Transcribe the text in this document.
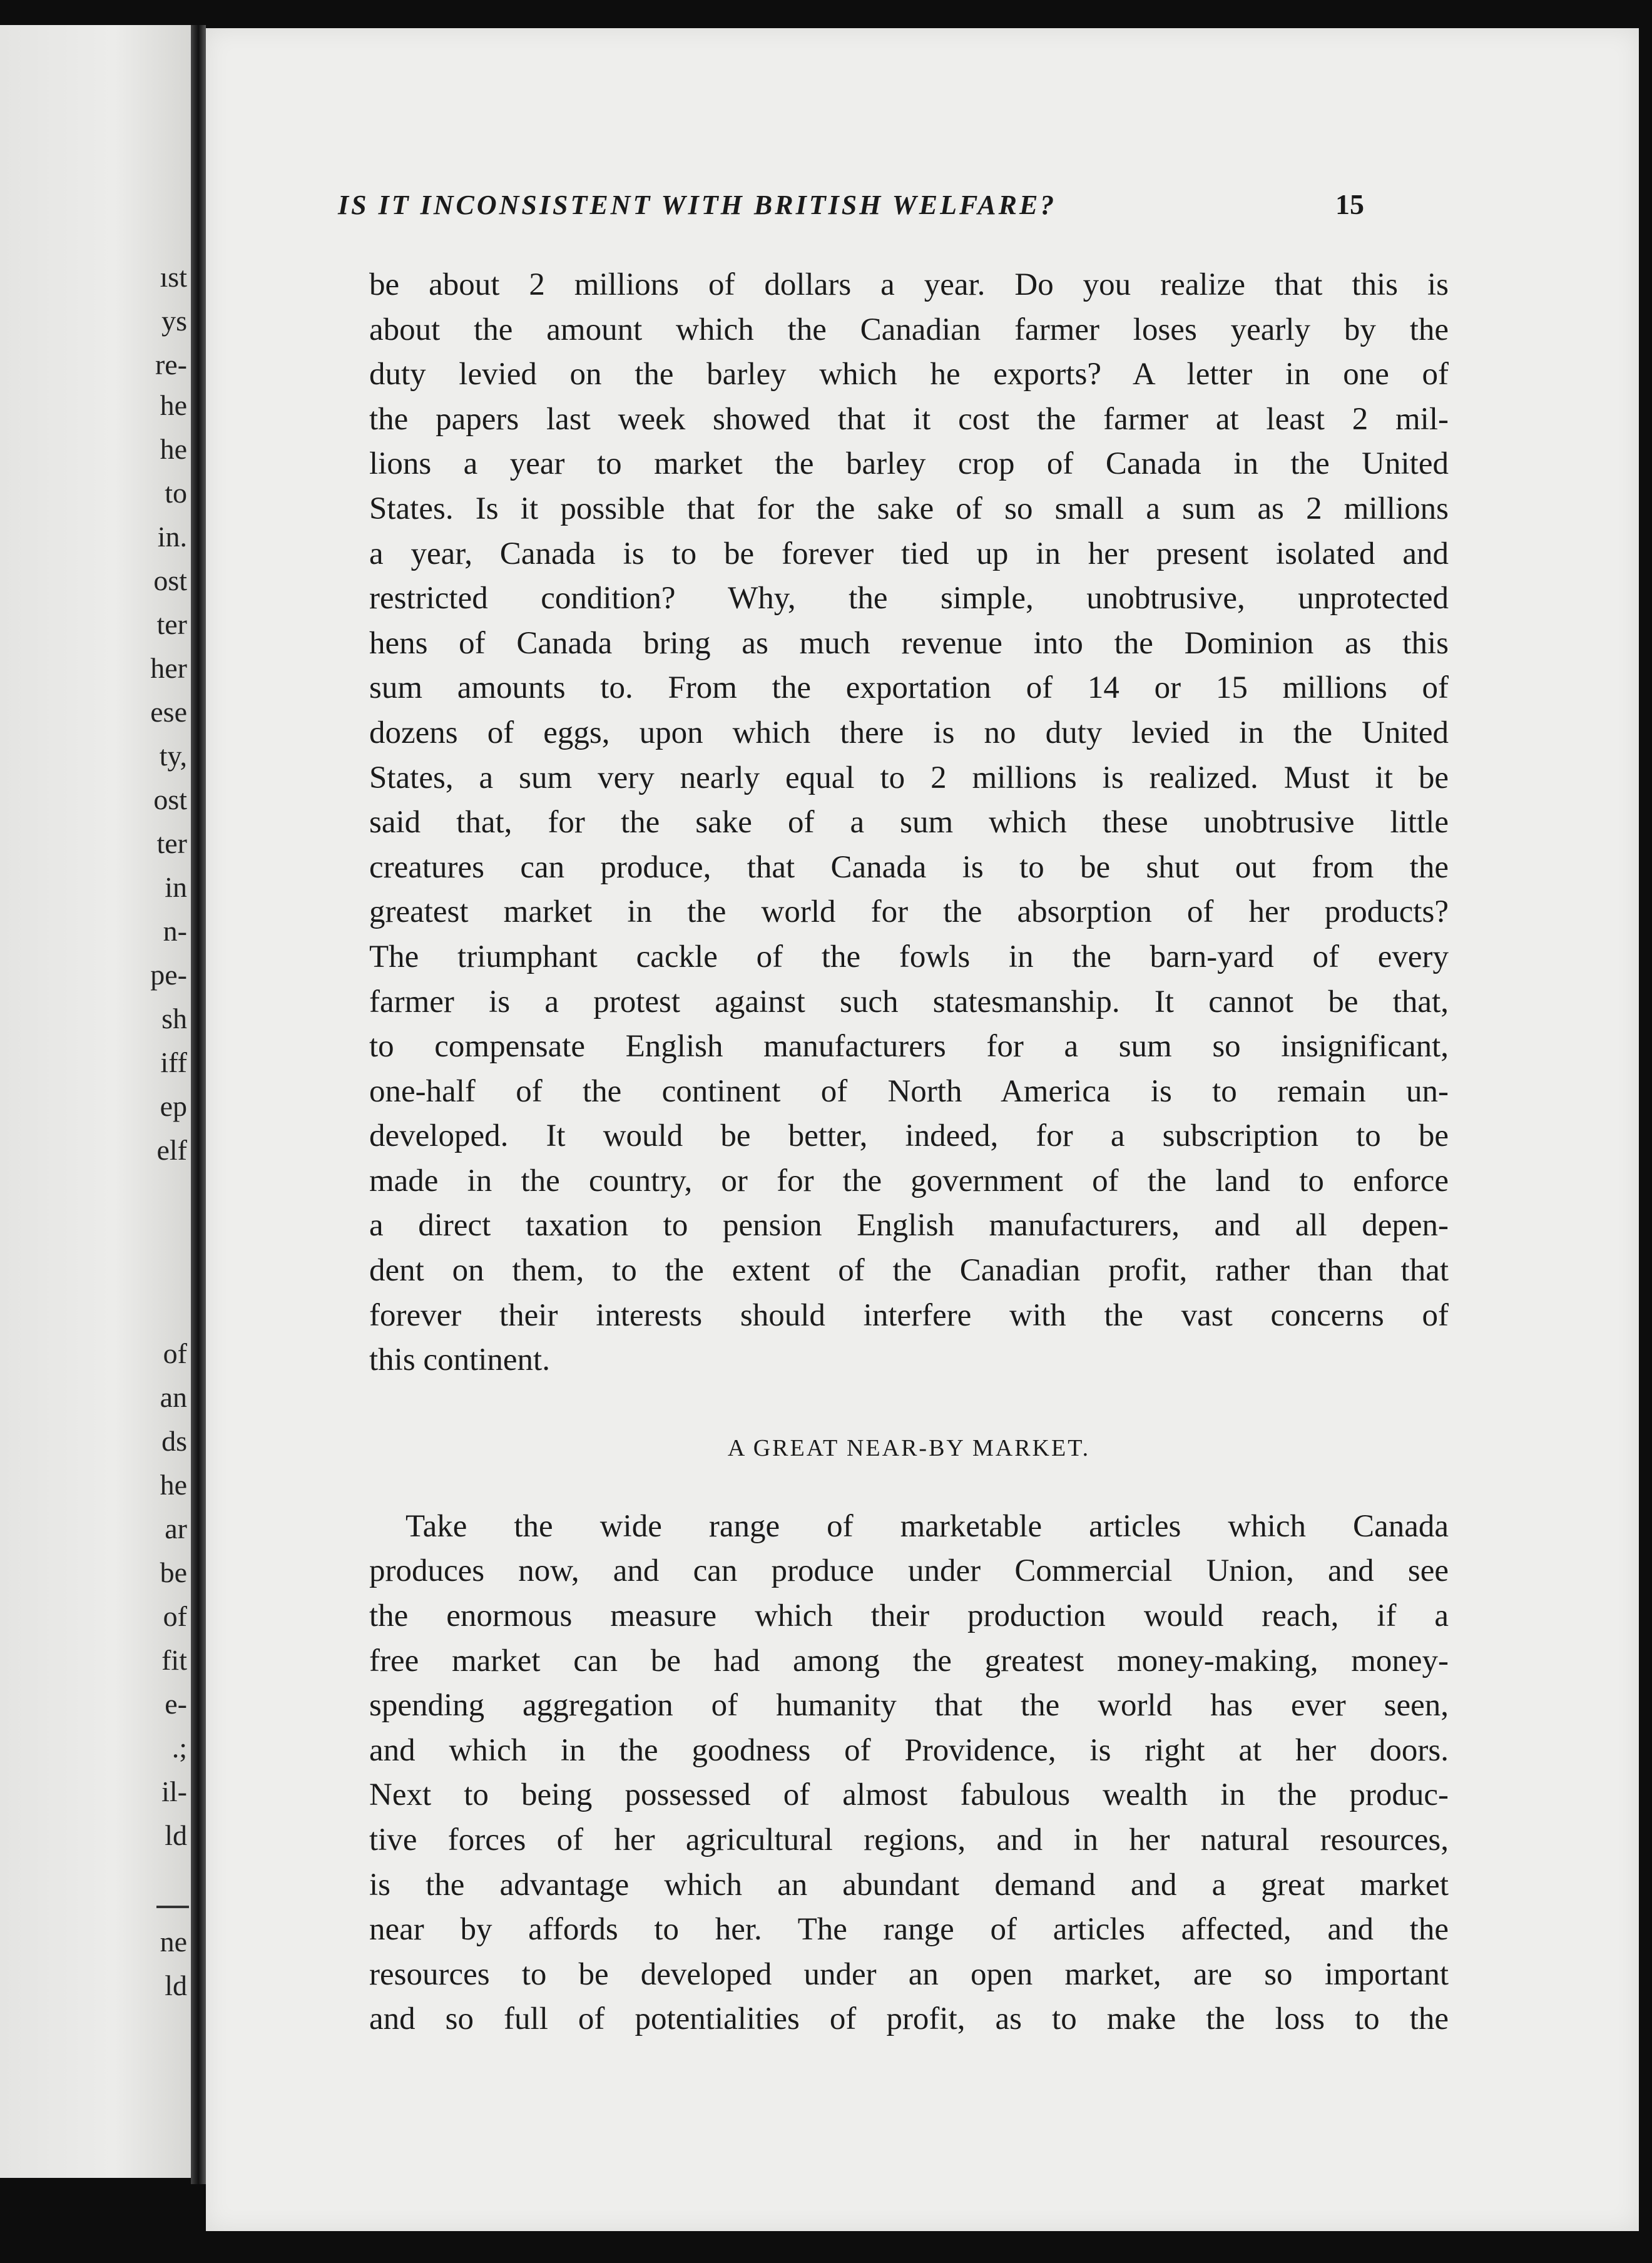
ıst
ys
re-
he
he
to
in.
ost
ter
her
ese
ty,
ost
ter
in
n-
pe-
sh
iff
ep
elf
of
an
ds
he
ar
be
of
fit
e-
.;
il-
ld
ne
ld
IS IT INCONSISTENT WITH BRITISH WELFARE?	15
be about 2 millions of dollars a year. Do you realize that this is
about the amount which the Canadian farmer loses yearly by the
duty levied on the barley which he exports? A letter in one of
the papers last week showed that it cost the farmer at least 2 mil-
lions a year to market the barley crop of Canada in the United
States. Is it possible that for the sake of so small a sum as 2 millions
a year, Canada is to be forever tied up in her present isolated and
restricted condition? Why, the simple, unobtrusive, unprotected
hens of Canada bring as much revenue into the Dominion as this
sum amounts to. From the exportation of 14 or 15 millions of
dozens of eggs, upon which there is no duty levied in the United
States, a sum very nearly equal to 2 millions is realized. Must it be
said that, for the sake of a sum which these unobtrusive little
creatures can produce, that Canada is to be shut out from the
greatest market in the world for the absorption of her products?
The triumphant cackle of the fowls in the barn-yard of every
farmer is a protest against such statesmanship. It cannot be that,
to compensate English manufacturers for a sum so insignificant,
one-half of the continent of North America is to remain un-
developed. It would be better, indeed, for a subscription to be
made in the country, or for the government of the land to enforce
a direct taxation to pension English manufacturers, and all depen-
dent on them, to the extent of the Canadian profit, rather than that
forever their interests should interfere with the vast concerns of
this continent.
A GREAT NEAR-BY MARKET.
Take the wide range of marketable articles which Canada
produces now, and can produce under Commercial Union, and see
the enormous measure which their production would reach, if a
free market can be had among the greatest money-making, money-
spending aggregation of humanity that the world has ever seen,
and which in the goodness of Providence, is right at her doors.
Next to being possessed of almost fabulous wealth in the produc-
tive forces of her agricultural regions, and in her natural resources,
is the advantage which an abundant demand and a great market
near by affords to her. The range of articles affected, and the
resources to be developed under an open market, are so important
and so full of potentialities of profit, as to make the loss to the
